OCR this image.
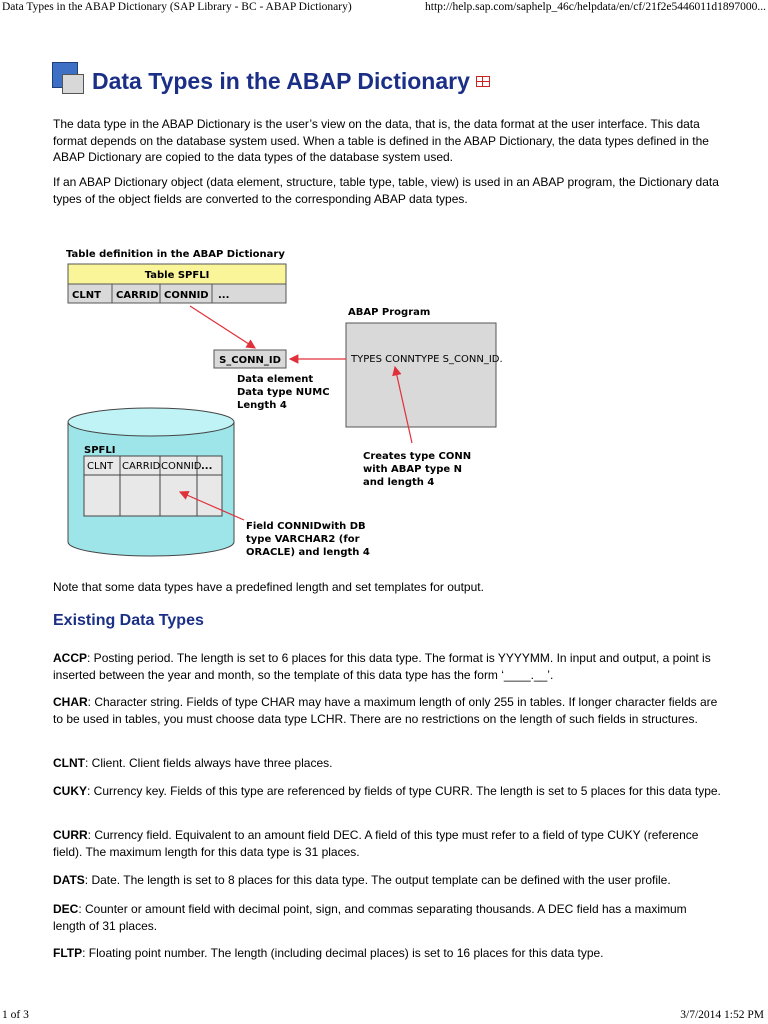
Data Types in the ABAP Dictionary (SAP Library - BC - ABAP Dictionary)	http://help.sap.com/saphelp_46c/helpdata/en/cf/21f2e5446011d1897000...
Data Types in the ABAP Dictionary

The data type in the ABAP Dictionary is the user’s view on the data, that is, the data format at the user interface. This data format depends on the database system used. When a table is defined in the ABAP Dictionary, the data types defined in the ABAP Dictionary are copied to the data types of the database system used.

If an ABAP Dictionary object (data element, structure, table type, table, view) is used in an ABAP program, the Dictionary data types of the object fields are converted to the corresponding ABAP data types.

Table definition in the ABAP Dictionary
Table SPFLI
CLNT CARRID CONNID ...
S_CONN_ID
Data element
Data type NUMC
Length 4
ABAP Program
TYPES CONNTYPE S_CONN_ID.
Creates type CONN
with ABAP type N
and length 4
SPFLI
CLNT CARRID CONNID ...
Field CONNIDwith DB
type VARCHAR2 (for
ORACLE) and length 4

Note that some data types have a predefined length and set templates for output.

Existing Data Types

ACCP: Posting period. The length is set to 6 places for this data type. The format is YYYYMM. In input and output, a point is inserted between the year and month, so the template of this data type has the form ‘____.__’.

CHAR: Character string. Fields of type CHAR may have a maximum length of only 255 in tables. If longer character fields are to be used in tables, you must choose data type LCHR. There are no restrictions on the length of such fields in structures.

CLNT: Client. Client fields always have three places.

CUKY: Currency key. Fields of this type are referenced by fields of type CURR. The length is set to 5 places for this data type.

CURR: Currency field. Equivalent to an amount field DEC. A field of this type must refer to a field of type CUKY (reference field). The maximum length for this data type is 31 places.

DATS: Date. The length is set to 8 places for this data type. The output template can be defined with the user profile.

DEC: Counter or amount field with decimal point, sign, and commas separating thousands. A DEC field has a maximum length of 31 places.

FLTP: Floating point number. The length (including decimal places) is set to 16 places for this data type.

1 of 3	3/7/2014 1:52 PM
